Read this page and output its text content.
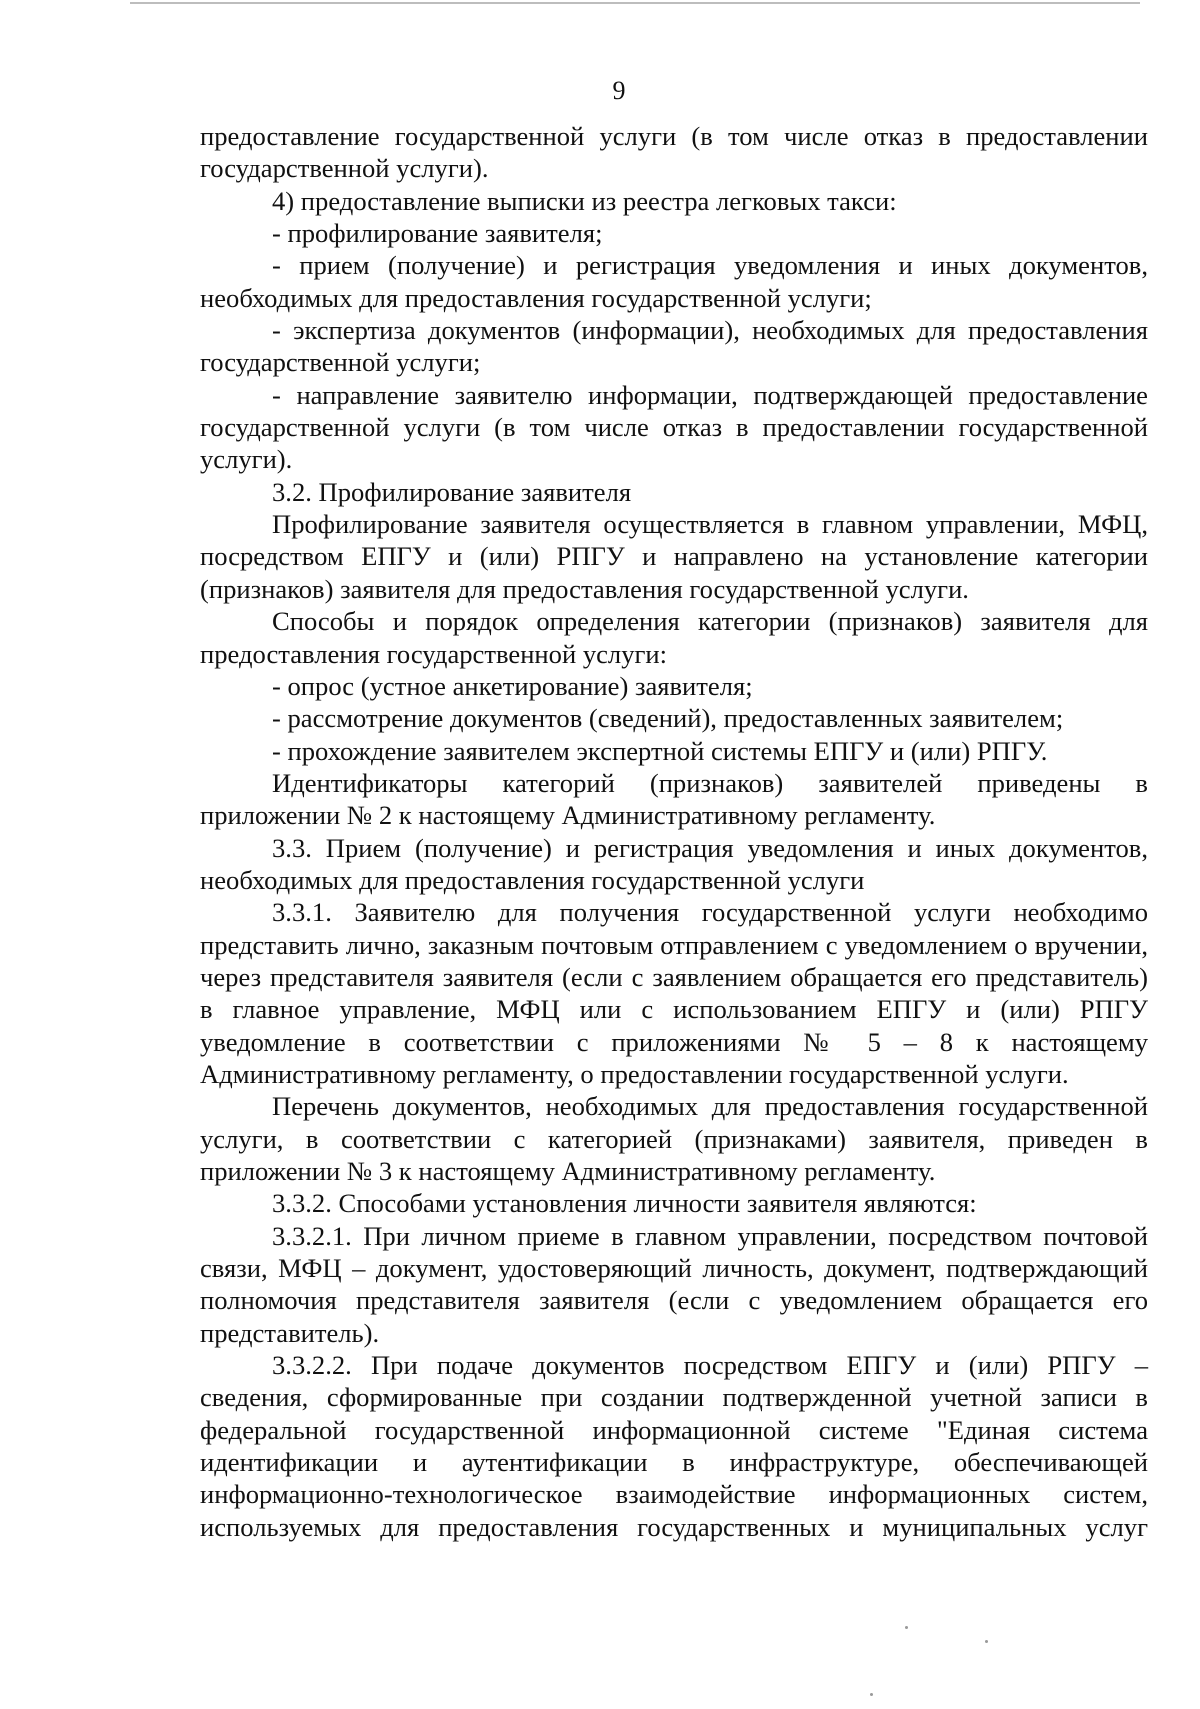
9

предоставление государственной услуги (в том числе отказ в предоставлении государственной услуги).

4) предоставление выписки из реестра легковых такси:

- профилирование заявителя;

- прием (получение) и регистрация уведомления и иных документов, необходимых для предоставления государственной услуги;

- экспертиза документов (информации), необходимых для предоставления государственной услуги;

- направление заявителю информации, подтверждающей предоставление государственной услуги (в том числе отказ в предоставлении государственной услуги).

3.2. Профилирование заявителя

Профилирование заявителя осуществляется в главном управлении, МФЦ, посредством ЕПГУ и (или) РПГУ и направлено на установление категории (признаков) заявителя для предоставления государственной услуги.

Способы и порядок определения категории (признаков) заявителя для предоставления государственной услуги:

- опрос (устное анкетирование) заявителя;

- рассмотрение документов (сведений), предоставленных заявителем;

- прохождение заявителем экспертной системы ЕПГУ и (или) РПГУ.

Идентификаторы категорий (признаков) заявителей приведены в приложении № 2 к настоящему Административному регламенту.

3.3. Прием (получение) и регистрация уведомления и иных документов, необходимых для предоставления государственной услуги

3.3.1. Заявителю для получения государственной услуги необходимо представить лично, заказным почтовым отправлением с уведомлением о вручении, через представителя заявителя (если с заявлением обращается его представитель) в главное управление, МФЦ или с использованием ЕПГУ и (или) РПГУ уведомление в соответствии с приложениями № 5 – 8 к настоящему Административному регламенту, о предоставлении государственной услуги.

Перечень документов, необходимых для предоставления государственной услуги, в соответствии с категорией (признаками) заявителя, приведен в приложении № 3 к настоящему Административному регламенту.

3.3.2. Способами установления личности заявителя являются:

3.3.2.1. При личном приеме в главном управлении, посредством почтовой связи, МФЦ – документ, удостоверяющий личность, документ, подтверждающий полномочия представителя заявителя (если с уведомлением обращается его представитель).

3.3.2.2. При подаче документов посредством ЕПГУ и (или) РПГУ – сведения, сформированные при создании подтвержденной учетной записи в федеральной государственной информационной системе "Единая система идентификации и аутентификации в инфраструктуре, обеспечивающей информационно-технологическое взаимодействие информационных систем, используемых для предоставления государственных и муниципальных услуг
